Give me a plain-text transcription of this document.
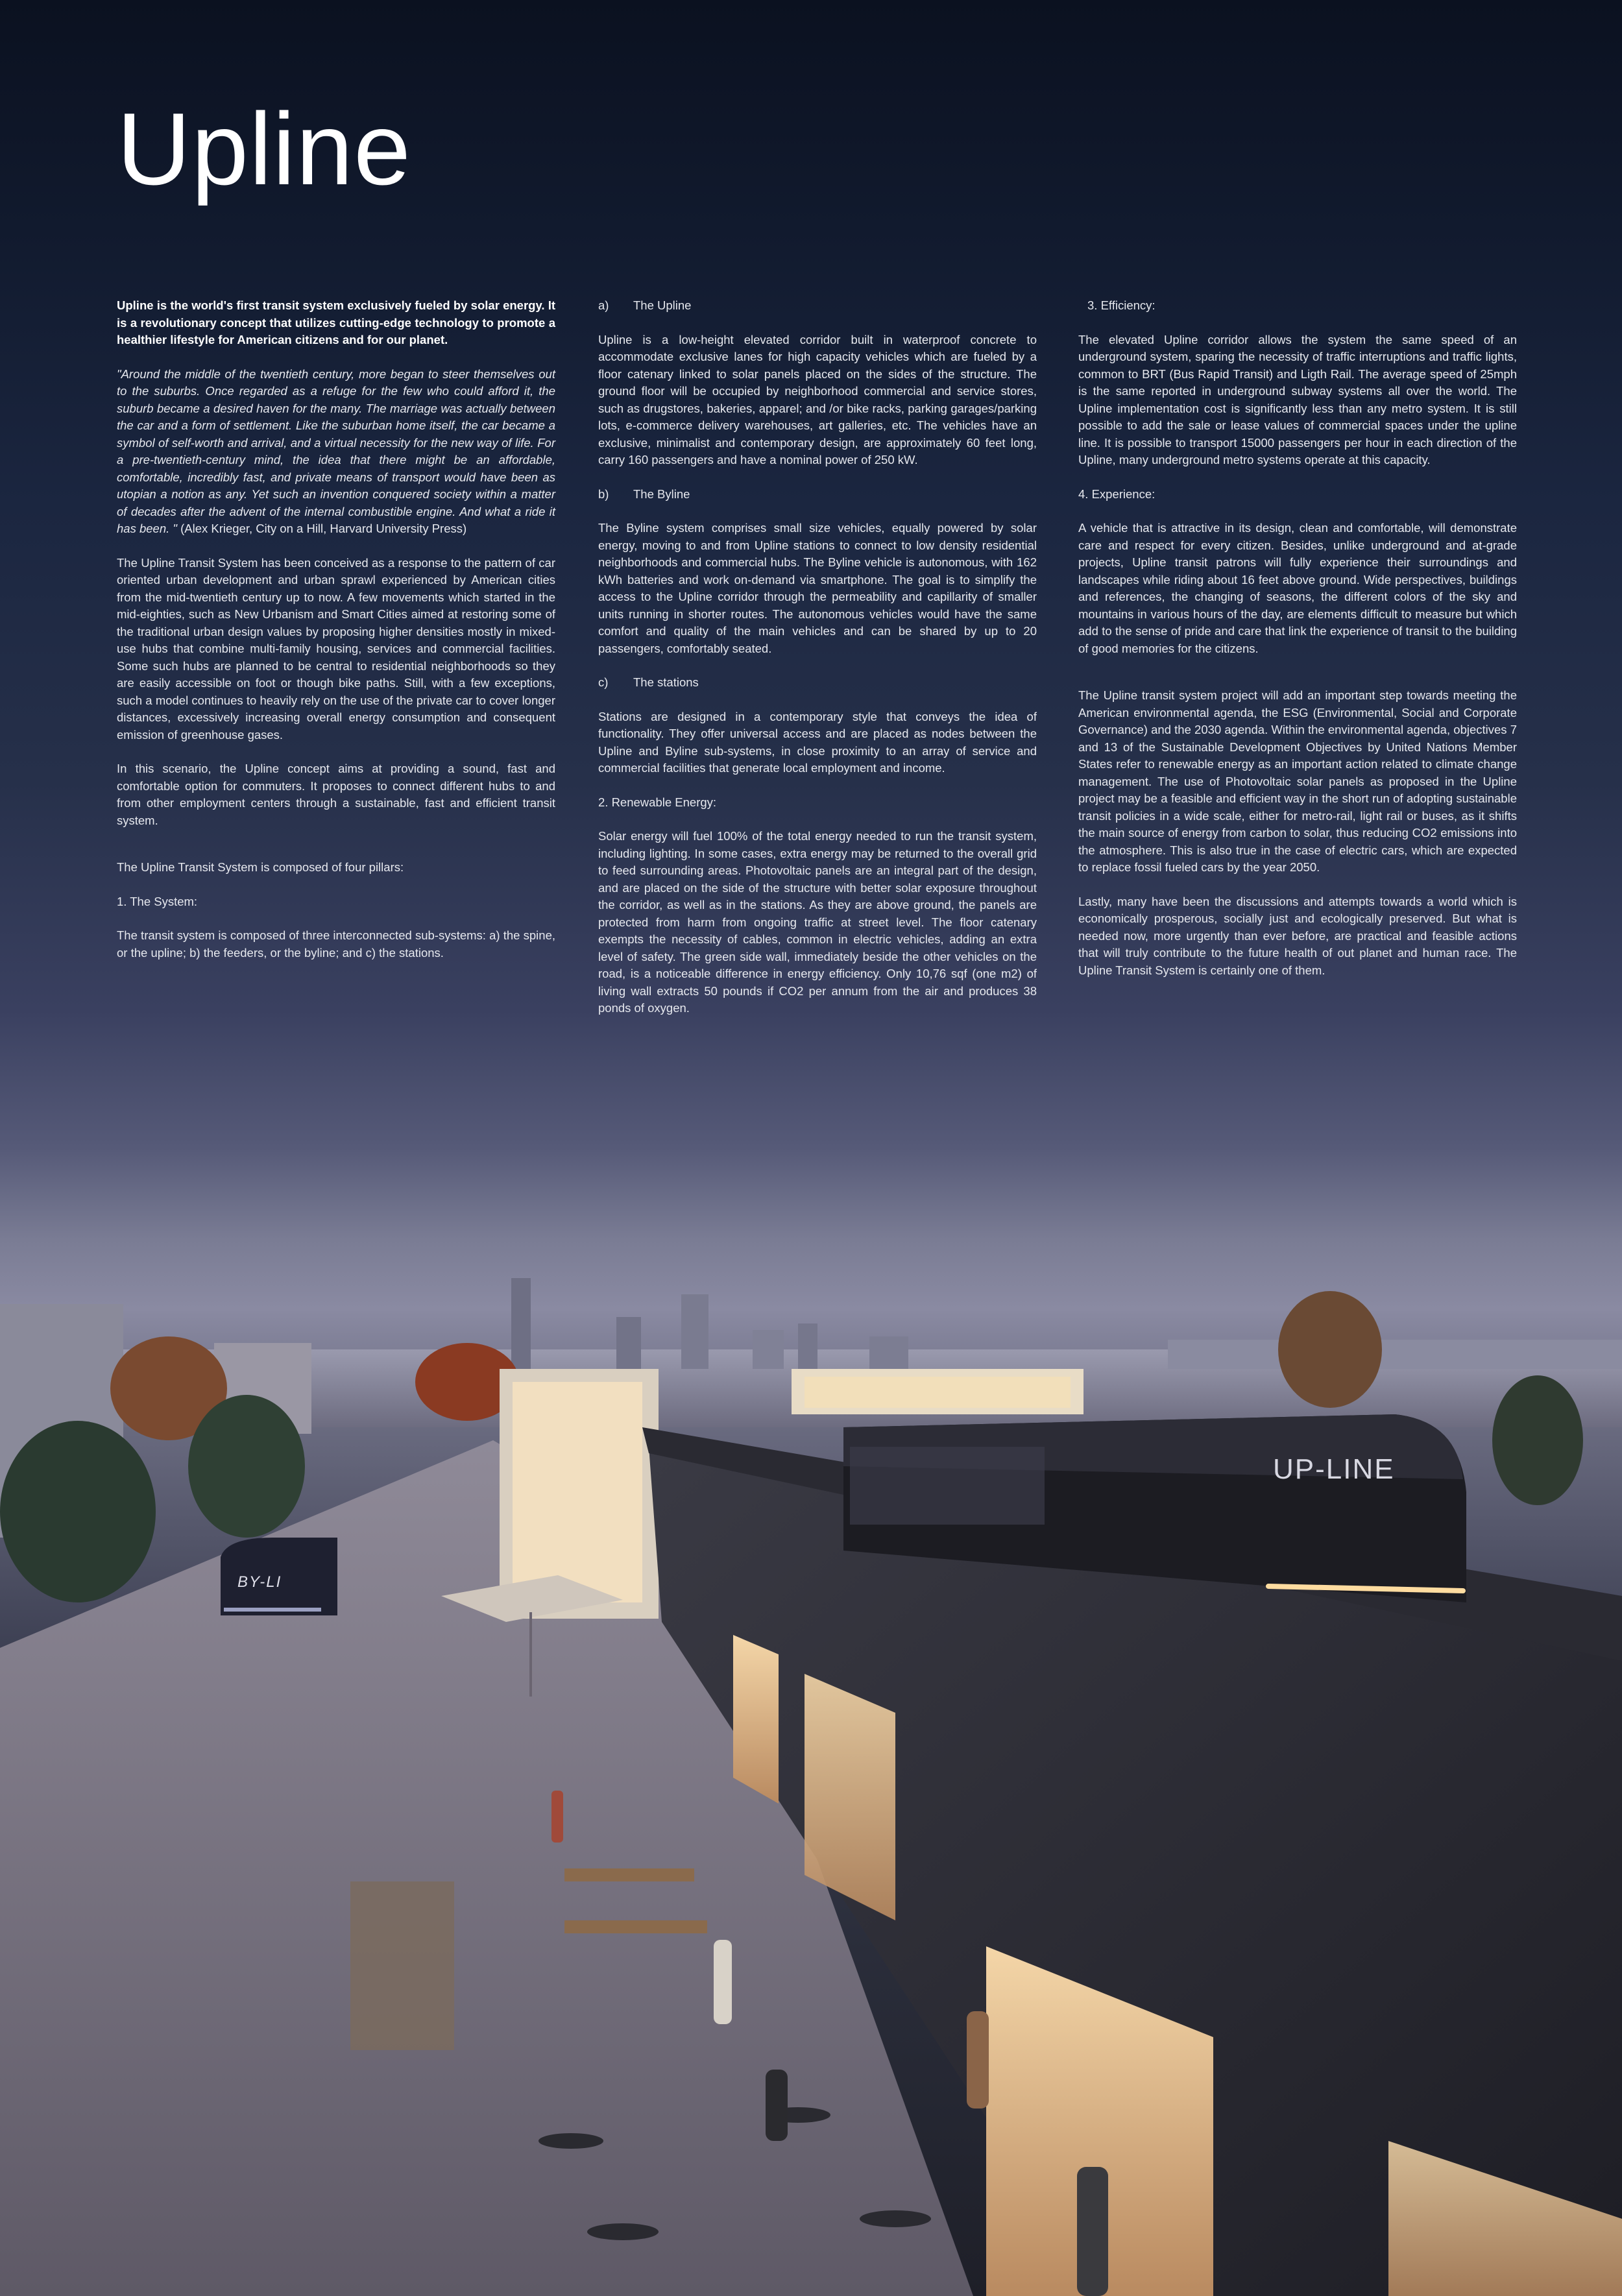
Upline

Upline is the world's first transit system exclusively fueled by solar energy. It is a revolutionary concept that utilizes cutting-edge technology to promote a healthier lifestyle for American citizens and for our planet.

"Around the middle of the twentieth century, more began to steer themselves out to the suburbs. Once regarded as a refuge for the few who could afford it, the suburb became a desired haven for the many. The marriage was actually between the car and a form of settlement. Like the suburban home itself, the car became a symbol of self-worth and arrival, and a virtual necessity for the new way of life. For a pre-twentieth-century mind, the idea that there might be an affordable, comfortable, incredibly fast, and private means of transport would have been as utopian a notion as any. Yet such an invention conquered society within a matter of decades after the advent of the internal combustible engine. And what a ride it has been. " (Alex Krieger, City on a Hill, Harvard University Press)

The Upline Transit System has been conceived as a response to the pattern of car oriented urban development and urban sprawl experienced by American cities from the mid-twentieth century up to now. A few movements which started in the mid-eighties, such as New Urbanism and Smart Cities aimed at restoring some of the traditional urban design values by proposing higher densities mostly in mixed-use hubs that combine multi-family housing, services and commercial facilities. Some such hubs are planned to be central to residential neighborhoods so they are easily accessible on foot or though bike paths. Still, with a few exceptions, such a model continues to heavily rely on the use of the private car to cover longer distances, excessively increasing overall energy consumption and consequent emission of greenhouse gases.

In this scenario, the Upline concept aims at providing a sound, fast and comfortable option for commuters. It proposes to connect different hubs to and from other employment centers through a sustainable, fast and efficient transit system.

The Upline Transit System is composed of four pillars:

1. The System:

The transit system is composed of three interconnected sub-systems: a) the spine, or the upline; b) the feeders, or the byline; and c) the stations.

a) The Upline

Upline is a low-height elevated corridor built in waterproof concrete to accommodate exclusive lanes for high capacity vehicles which are fueled by a floor catenary linked to solar panels placed on the sides of the structure. The ground floor will be occupied by neighborhood commercial and service stores, such as drugstores, bakeries, apparel; and /or bike racks, parking garages/parking lots, e-commerce delivery warehouses, art galleries, etc. The vehicles have an exclusive, minimalist and contemporary design, are approximately 60 feet long, carry 160 passengers and have a nominal power of 250 kW.

b) The Byline

The Byline system comprises small size vehicles, equally powered by solar energy, moving to and from Upline stations to connect to low density residential neighborhoods and commercial hubs. The Byline vehicle is autonomous, with 162 kWh batteries and work on-demand via smartphone. The goal is to simplify the access to the Upline corridor through the permeability and capillarity of smaller units running in shorter routes. The autonomous vehicles would have the same comfort and quality of the main vehicles and can be shared by up to 20 passengers, comfortably seated.

c) The stations

Stations are designed in a contemporary style that conveys the idea of functionality. They offer universal access and are placed as nodes between the Upline and Byline sub-systems, in close proximity to an array of service and commercial facilities that generate local employment and income.

2. Renewable Energy:

Solar energy will fuel 100% of the total energy needed to run the transit system, including lighting. In some cases, extra energy may be returned to the overall grid to feed surrounding areas. Photovoltaic panels are an integral part of the design, and are placed on the side of the structure with better solar exposure throughout the corridor, as well as in the stations. As they are above ground, the panels are protected from harm from ongoing traffic at street level. The floor catenary exempts the necessity of cables, common in electric vehicles, adding an extra level of safety. The green side wall, immediately beside the other vehicles on the road, is a noticeable difference in energy efficiency. Only 10,76 sqf (one m2) of living wall extracts 50 pounds if CO2 per annum from the air and produces 38 ponds of oxygen.

3. Efficiency:

The elevated Upline corridor allows the system the same speed of an underground system, sparing the necessity of traffic interruptions and traffic lights, common to BRT (Bus Rapid Transit) and Ligth Rail. The average speed of 25mph is the same reported in underground subway systems all over the world. The Upline implementation cost is significantly less than any metro system. It is still possible to add the sale or lease values of commercial spaces under the upline line. It is possible to transport 15000 passengers per hour in each direction of the Upline, many underground metro systems operate at this capacity.

4. Experience:

A vehicle that is attractive in its design, clean and comfortable, will demonstrate care and respect for every citizen. Besides, unlike underground and at-grade projects, Upline transit patrons will fully experience their surroundings and landscapes while riding about 16 feet above ground. Wide perspectives, buildings and references, the changing of seasons, the different colors of the sky and mountains in various hours of the day, are elements difficult to measure but which add to the sense of pride and care that link the experience of transit to the building of good memories for the citizens.

The Upline transit system project will add an important step towards meeting the American environmental agenda, the ESG (Environmental, Social and Corporate Governance) and the 2030 agenda. Within the environmental agenda, objectives 7 and 13 of the Sustainable Development Objectives by United Nations Member States refer to renewable energy as an important action related to climate change management. The use of Photovoltaic solar panels as proposed in the Upline project may be a feasible and efficient way in the short run of adopting sustainable transit policies in a wide scale, either for metro-rail, light rail or buses, as it shifts the main source of energy from carbon to solar, thus reducing CO2 emissions into the atmosphere. This is also true in the case of electric cars, which are expected to replace fossil fueled cars by the year 2050.

Lastly, many have been the discussions and attempts towards a world which is economically prosperous, socially just and ecologically preserved. But what is needed now, more urgently than ever before, are practical and feasible actions that will truly contribute to the future health of out planet and human race. The Upline Transit System is certainly one of them.

UP-LINE
BY-LI
